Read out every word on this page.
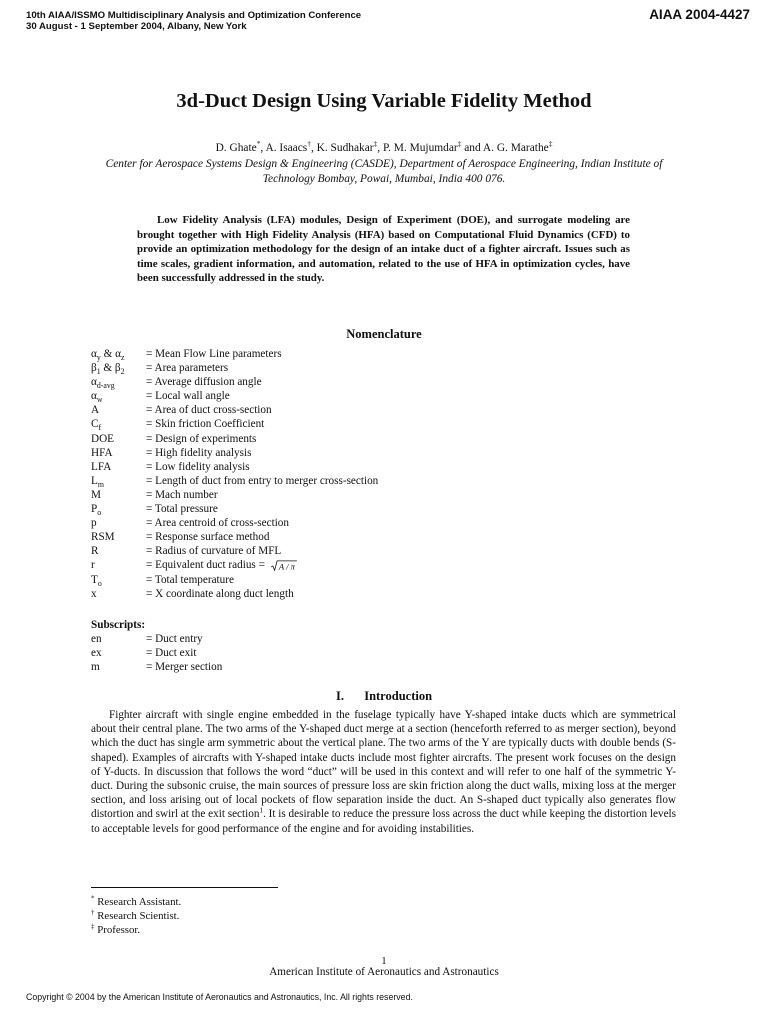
10th AIAA/ISSMO Multidisciplinary Analysis and Optimization Conference
30 August - 1 September 2004, Albany, New York
AIAA 2004-4427
3d-Duct Design Using Variable Fidelity Method
D. Ghate*, A. Isaacs†, K. Sudhakar‡, P. M. Mujumdar‡ and A. G. Marathe‡
Center for Aerospace Systems Design & Engineering (CASDE), Department of Aerospace Engineering, Indian Institute of Technology Bombay, Powai, Mumbai, India 400 076.
Low Fidelity Analysis (LFA) modules, Design of Experiment (DOE), and surrogate modeling are brought together with High Fidelity Analysis (HFA) based on Computational Fluid Dynamics (CFD) to provide an optimization methodology for the design of an intake duct of a fighter aircraft. Issues such as time scales, gradient information, and automation, related to the use of HFA in optimization cycles, have been successfully addressed in the study.
Nomenclature
$\alpha_y$ & $\alpha_z$	= Mean Flow Line parameters
$\beta_1$ & $\beta_2$	= Area parameters
$\alpha_{d-avg}$	= Average diffusion angle
$\alpha_w$	= Local wall angle
A	= Area of duct cross-section
$C_f$	= Skin friction Coefficient
DOE	= Design of experiments
HFA	= High fidelity analysis
LFA	= Low fidelity analysis
$L_m$	= Length of duct from entry to merger cross-section
M	= Mach number
$P_o$	= Total pressure
p	= Area centroid of cross-section
RSM	= Response surface method
R	= Radius of curvature of MFL
r	= Equivalent duct radius = A / π
$T_o$	= Total temperature
x	= X coordinate along duct length
Subscripts:
en	= Duct entry
ex	= Duct exit
m	= Merger section
I. Introduction
Fighter aircraft with single engine embedded in the fuselage typically have Y-shaped intake ducts which are symmetrical about their central plane. The two arms of the Y-shaped duct merge at a section (henceforth referred to as merger section), beyond which the duct has single arm symmetric about the vertical plane. The two arms of the Y are typically ducts with double bends (S-shaped). Examples of aircrafts with Y-shaped intake ducts include most fighter aircrafts. The present work focuses on the design of Y-ducts. In discussion that follows the word “duct” will be used in this context and will refer to one half of the symmetric Y-duct. During the subsonic cruise, the main sources of pressure loss are skin friction along the duct walls, mixing loss at the merger section, and loss arising out of local pockets of flow separation inside the duct. An S-shaped duct typically also generates flow distortion and swirl at the exit section$^1$. It is desirable to reduce the pressure loss across the duct while keeping the distortion levels to acceptable levels for good performance of the engine and for avoiding instabilities.
* Research Assistant.
† Research Scientist.
‡ Professor.
1
American Institute of Aeronautics and Astronautics
Copyright © 2004 by the American Institute of Aeronautics and Astronautics, Inc. All rights reserved.
